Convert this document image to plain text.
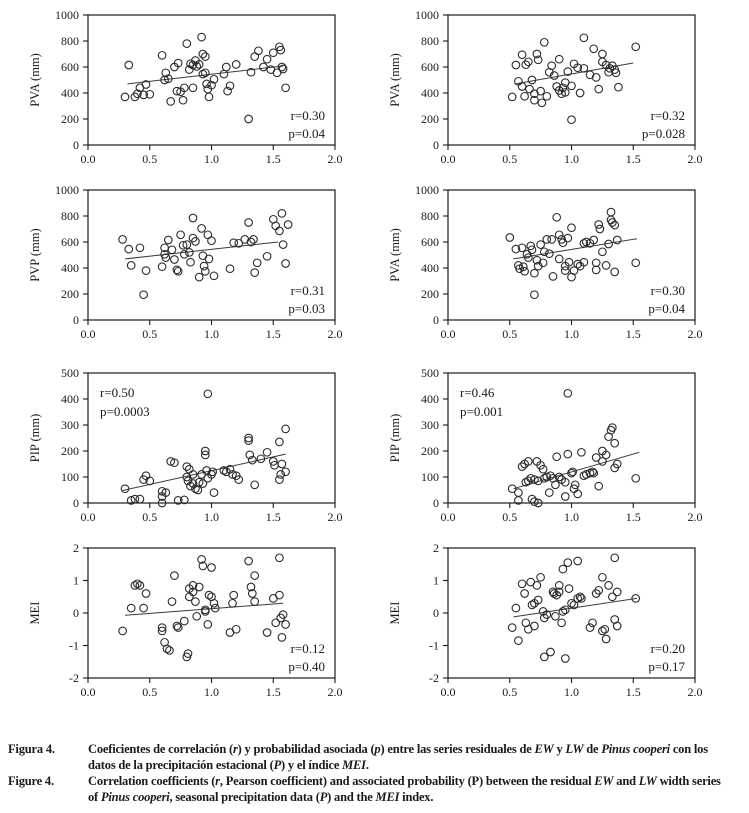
0
200
400
600
800
1000
0.0	0.5	1.0	1.5	2.0
PVA (mm)
r=0.30
p=0.04
0
200
400
600
800
1000
0.0	0.5	1.0	1.5	2.0
PVA (mm)
r=0.32
p=0.028
0
200
400
600
800
1000
0.0	0.5	1.0	1.5	2.0
PVP (mm)
r=0.31
p=0.03
0
200
400
600
800
1000
0.0	0.5	1.0	1.5	2.0
PVA (mm)
r=0.30
p=0.04
0
100
200
300
400
500
0.0	0.5	1.0	1.5	2.0
PIP (mm)
r=0.50
p=0.0003
0
100
200
300
400
500
0.0	0.5	1.0	1.5	2.0
PIP (mm)
r=0.46
p=0.001
-2
-1
0
1
2
0.0	0.5	1.0	1.5	2.0
MEI
r=0.12
p=0.40
-2
-1
0
1
2
0.0	0.5	1.0	1.5	2.0
MEI
r=0.20
p=0.17
Figura 4.	Coeficientes de correlación (r) y probabilidad asociada (p) entre las series residuales de EW y LW de Pinus cooperi con los datos de la precipitación estacional (P) y el índice MEI.
Figure 4.	Correlation coefficients (r, Pearson coefficient) and associated probability (P) between the residual EW and LW width series of Pinus cooperi, seasonal precipitation data (P) and the MEI index.
